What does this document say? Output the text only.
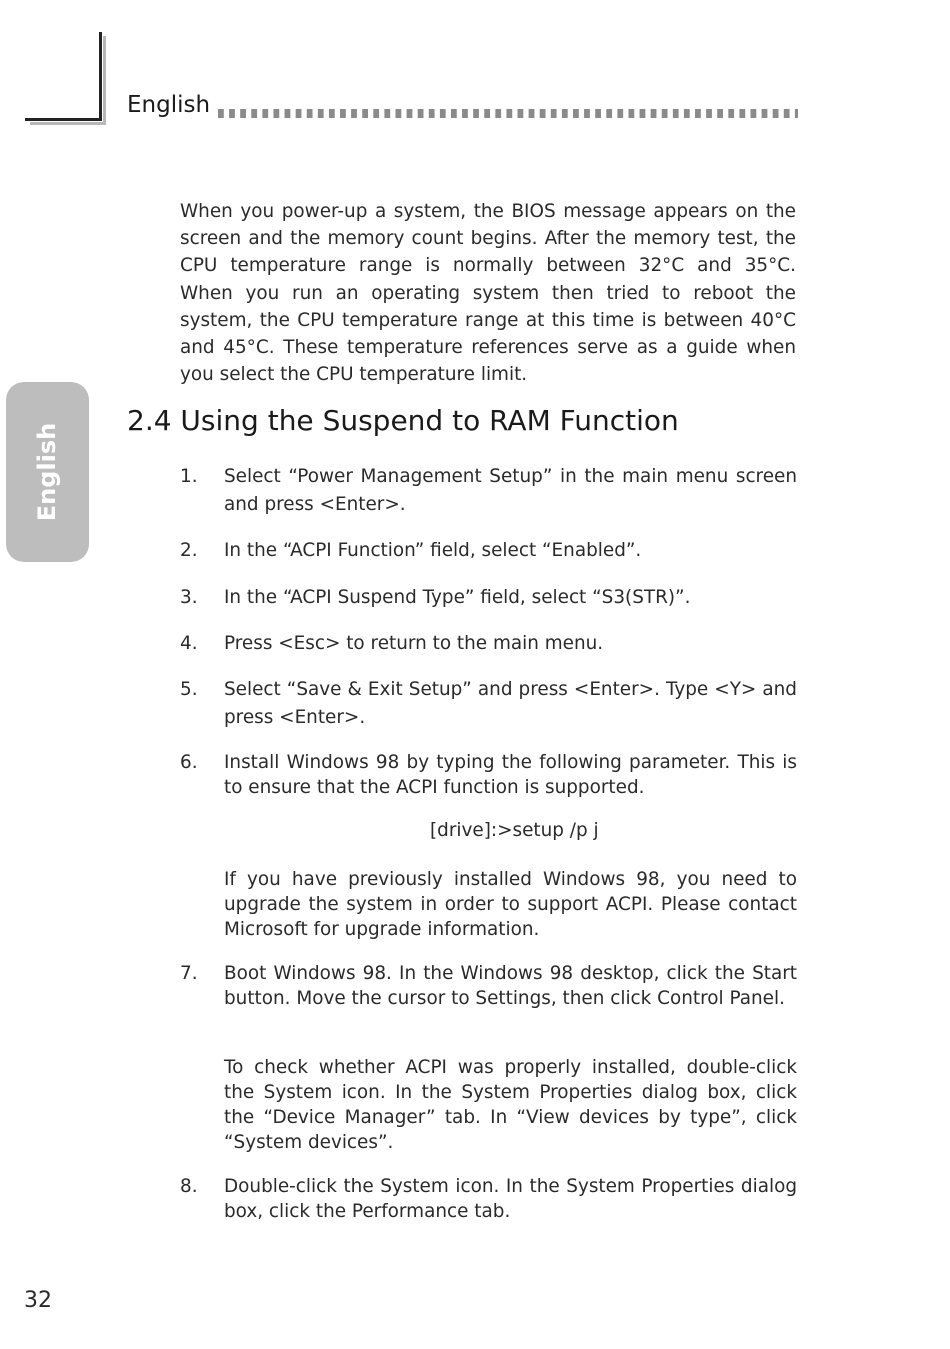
English
English

When you power-up a system, the BIOS message appears on the screen and the memory count begins. After the memory test, the CPU temperature range is normally between 32°C and 35°C. When you run an operating system then tried to reboot the system, the CPU temperature range at this time is between 40°C and 45°C. These temperature references serve as a guide when you select the CPU temperature limit.

2.4 Using the Suspend to RAM Function
1. Select “Power Management Setup” in the main menu screen and press <Enter>.
2. In the “ACPI Function” field, select “Enabled”.
3. In the “ACPI Suspend Type” field, select “S3(STR)”.
4. Press <Esc> to return to the main menu.
5. Select “Save & Exit Setup” and press <Enter>. Type <Y> and press <Enter>.
6. Install Windows 98 by typing the following parameter. This is to ensure that the ACPI function is supported.
[drive]:>setup /p j

If you have previously installed Windows 98, you need to upgrade the system in order to support ACPI. Please contact Microsoft for upgrade information.

7. Boot Windows 98. In the Windows 98 desktop, click the Start button. Move the cursor to Settings, then click Control Panel.

To check whether ACPI was properly installed, double-click the System icon. In the System Properties dialog box, click the “Device Manager” tab. In “View devices by type”, click “System devices”.

8. Double-click the System icon. In the System Properties dialog box, click the Performance tab.
32
